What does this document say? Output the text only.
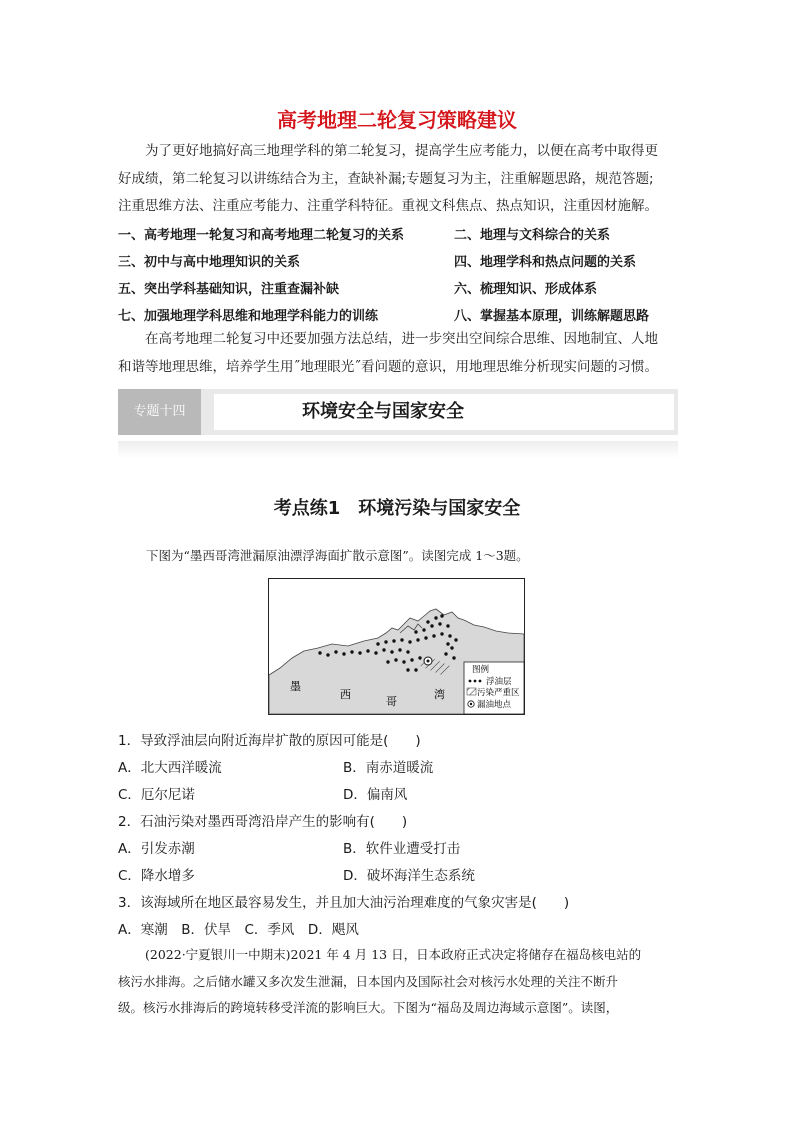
高考地理二轮复习策略建议
为了更好地搞好高三地理学科的第二轮复习，提高学生应考能力，以便在高考中取得更
好成绩，第二轮复习以讲练结合为主，查缺补漏;专题复习为主，注重解题思路，规范答题;
注重思维方法、注重应考能力、注重学科特征。重视文科焦点、热点知识，注重因材施解。
一、高考地理一轮复习和高考地理二轮复习的关系	二、地理与文科综合的关系
三、初中与高中地理知识的关系	四、地理学科和热点问题的关系
五、突出学科基础知识，注重查漏补缺	六、梳理知识、形成体系
七、加强地理学科思维和地理学科能力的训练	八、掌握基本原理，训练解题思路
在高考地理二轮复习中还要加强方法总结，进一步突出空间综合思维、因地制宜、人地
和谐等地理思维，培养学生用˝地理眼光˝看问题的意识，用地理思维分析现实问题的习惯。
专题十四	环境安全与国家安全
考点练1　环境污染与国家安全
下图为“墨西哥湾泄漏原油漂浮海面扩散示意图”。读图完成 1～3题。
墨
西
哥
湾
图例
浮油层
污染严重区
漏油地点
1．导致浮油层向附近海岸扩散的原因可能是(　　)
A．北大西洋暖流	B．南赤道暖流
C．厄尔尼诺	D．偏南风
2．石油污染对墨西哥湾沿岸产生的影响有(　　)
A．引发赤潮	B．软件业遭受打击
C．降水增多	D．破坏海洋生态系统
3．该海域所在地区最容易发生，并且加大油污治理难度的气象灾害是(　　)
A．寒潮　B．伏旱　C．季风　D．飓风
(2022·宁夏银川一中期末)2021 年 4 月 13 日，日本政府正式决定将储存在福岛核电站的
核污水排海。之后储水罐又多次发生泄漏，日本国内及国际社会对核污水处理的关注不断升
级。核污水排海后的跨境转移受洋流的影响巨大。下图为“福岛及周边海域示意图”。读图，
